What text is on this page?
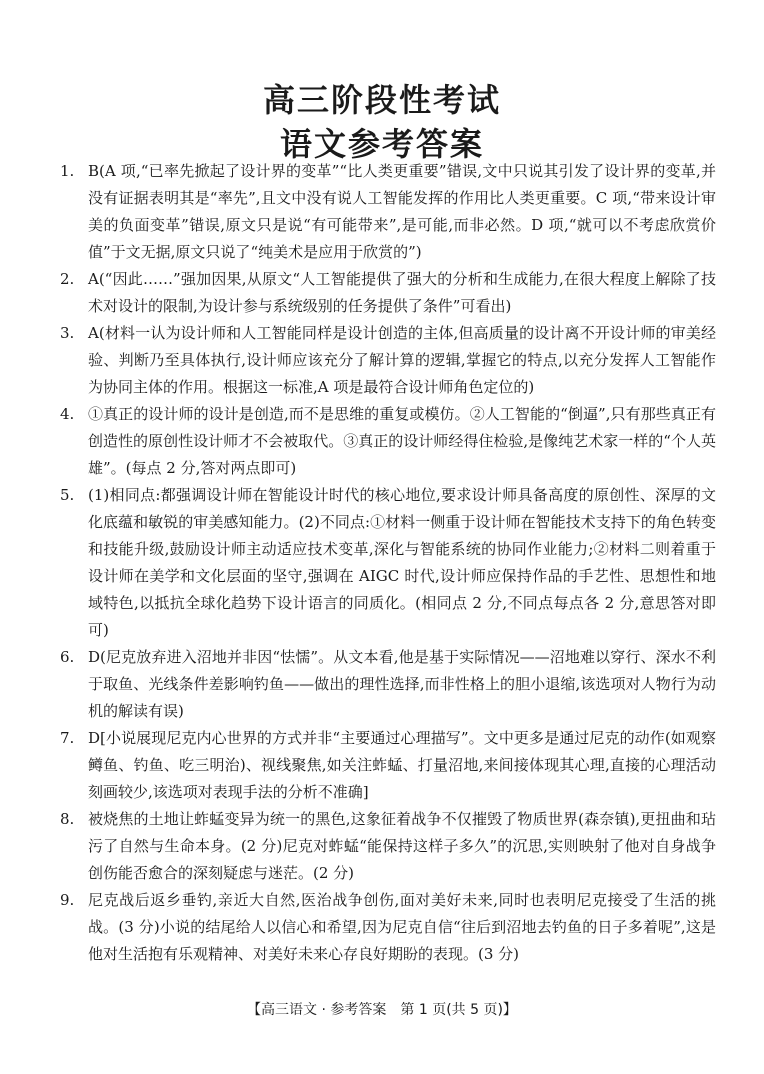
高三阶段性考试
语文参考答案
1. B(A 项,“已率先掀起了设计界的变革”“比人类更重要”错误,文中只说其引发了设计界的变革,并没有证据表明其是“率先”,且文中没有说人工智能发挥的作用比人类更重要。C 项,“带来设计审美的负面变革”错误,原文只是说“有可能带来”,是可能,而非必然。D 项,“就可以不考虑欣赏价值”于文无据,原文只说了“纯美术是应用于欣赏的”)
2. A(“因此……”强加因果,从原文“人工智能提供了强大的分析和生成能力,在很大程度上解除了技术对设计的限制,为设计参与系统级别的任务提供了条件”可看出)
3. A(材料一认为设计师和人工智能同样是设计创造的主体,但高质量的设计离不开设计师的审美经验、判断乃至具体执行,设计师应该充分了解计算的逻辑,掌握它的特点,以充分发挥人工智能作为协同主体的作用。根据这一标准,A 项是最符合设计师角色定位的)
4. ①真正的设计师的设计是创造,而不是思维的重复或模仿。②人工智能的“倒逼”,只有那些真正有创造性的原创性设计师才不会被取代。③真正的设计师经得住检验,是像纯艺术家一样的“个人英雄”。(每点 2 分,答对两点即可)
5. (1)相同点:都强调设计师在智能设计时代的核心地位,要求设计师具备高度的原创性、深厚的文化底蕴和敏锐的审美感知能力。(2)不同点:①材料一侧重于设计师在智能技术支持下的角色转变和技能升级,鼓励设计师主动适应技术变革,深化与智能系统的协同作业能力;②材料二则着重于设计师在美学和文化层面的坚守,强调在 AIGC 时代,设计师应保持作品的手艺性、思想性和地域特色,以抵抗全球化趋势下设计语言的同质化。(相同点 2 分,不同点每点各 2 分,意思答对即可)
6. D(尼克放弃进入沼地并非因“怯懦”。从文本看,他是基于实际情况——沼地难以穿行、深水不利于取鱼、光线条件差影响钓鱼——做出的理性选择,而非性格上的胆小退缩,该选项对人物行为动机的解读有误)
7. D[小说展现尼克内心世界的方式并非“主要通过心理描写”。文中更多是通过尼克的动作(如观察鳟鱼、钓鱼、吃三明治)、视线聚焦,如关注蚱蜢、打量沼地,来间接体现其心理,直接的心理活动刻画较少,该选项对表现手法的分析不准确]
8. 被烧焦的土地让蚱蜢变异为统一的黑色,这象征着战争不仅摧毁了物质世界(森奈镇),更扭曲和玷污了自然与生命本身。(2 分)尼克对蚱蜢“能保持这样子多久”的沉思,实则映射了他对自身战争创伤能否愈合的深刻疑虑与迷茫。(2 分)
9. 尼克战后返乡垂钓,亲近大自然,医治战争创伤,面对美好未来,同时也表明尼克接受了生活的挑战。(3 分)小说的结尾给人以信心和希望,因为尼克自信“往后到沼地去钓鱼的日子多着呢”,这是他对生活抱有乐观精神、对美好未来心存良好期盼的表现。(3 分)
【高三语文 · 参考答案　第 1 页(共 5 页)】
